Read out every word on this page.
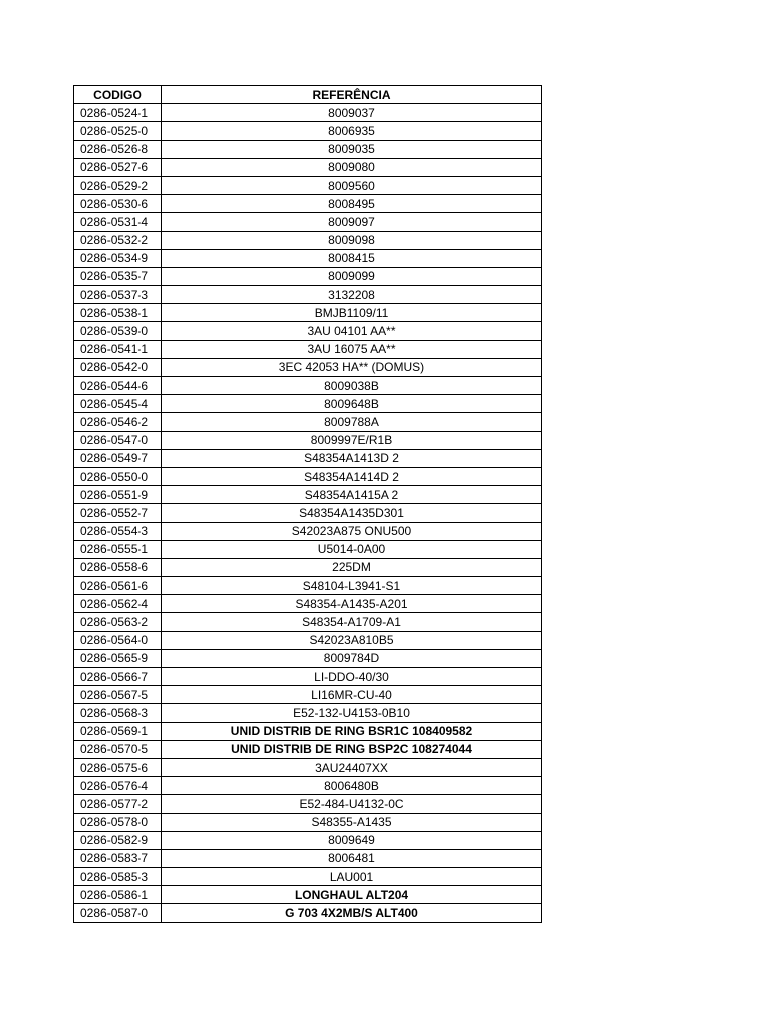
CODIGO	REFERÊNCIA
0286-0524-1	8009037
0286-0525-0	8006935
0286-0526-8	8009035
0286-0527-6	8009080
0286-0529-2	8009560
0286-0530-6	8008495
0286-0531-4	8009097
0286-0532-2	8009098
0286-0534-9	8008415
0286-0535-7	8009099
0286-0537-3	3132208
0286-0538-1	BMJB1109/11
0286-0539-0	3AU 04101 AA**
0286-0541-1	3AU 16075 AA**
0286-0542-0	3EC 42053 HA** (DOMUS)
0286-0544-6	8009038B
0286-0545-4	8009648B
0286-0546-2	8009788A
0286-0547-0	8009997E/R1B
0286-0549-7	S48354A1413D 2
0286-0550-0	S48354A1414D 2
0286-0551-9	S48354A1415A 2
0286-0552-7	S48354A1435D301
0286-0554-3	S42023A875 ONU500
0286-0555-1	U5014-0A00
0286-0558-6	225DM
0286-0561-6	S48104-L3941-S1
0286-0562-4	S48354-A1435-A201
0286-0563-2	S48354-A1709-A1
0286-0564-0	S42023A810B5
0286-0565-9	8009784D
0286-0566-7	LI-DDO-40/30
0286-0567-5	LI16MR-CU-40
0286-0568-3	E52-132-U4153-0B10
0286-0569-1	UNID DISTRIB DE RING BSR1C 108409582
0286-0570-5	UNID DISTRIB DE RING BSP2C 108274044
0286-0575-6	3AU24407XX
0286-0576-4	8006480B
0286-0577-2	E52-484-U4132-0C
0286-0578-0	S48355-A1435
0286-0582-9	8009649
0286-0583-7	8006481
0286-0585-3	LAU001
0286-0586-1	LONGHAUL ALT204
0286-0587-0	G 703 4X2MB/S ALT400
